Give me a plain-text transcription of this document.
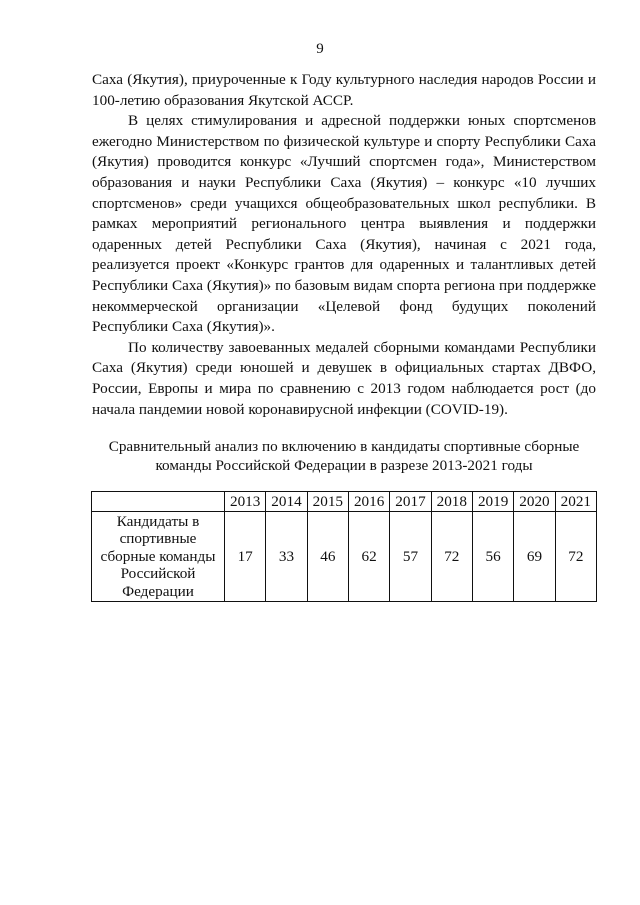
9

Саха (Якутия), приуроченные к Году культурного наследия народов России и 100-летию образования Якутской АССР.

В целях стимулирования и адресной поддержки юных спортсменов ежегодно Министерством по физической культуре и спорту Республики Саха (Якутия) проводится конкурс «Лучший спортсмен года», Министерством образования и науки Республики Саха (Якутия) – конкурс «10 лучших спортсменов» среди учащихся общеобразовательных школ республики. В рамках мероприятий регионального центра выявления и поддержки одаренных детей Республики Саха (Якутия), начиная с 2021 года, реализуется проект «Конкурс грантов для одаренных и талантливых детей Республики Саха (Якутия)» по базовым видам спорта региона при поддержке некоммерческой организации «Целевой фонд будущих поколений Республики Саха (Якутия)».

По количеству завоеванных медалей сборными командами Республики Саха (Якутия) среди юношей и девушек в официальных стартах ДВФО, России, Европы и мира по сравнению с 2013 годом наблюдается рост (до начала пандемии новой коронавирусной инфекции (COVID-19).

Сравнительный анализ по включению в кандидаты спортивные сборные команды Российской Федерации в разрезе 2013-2021 годы
	2013	2014	2015	2016	2017	2018	2019	2020	2021
Кандидаты в спортивные сборные команды Российской Федерации	17	33	46	62	57	72	56	69	72
